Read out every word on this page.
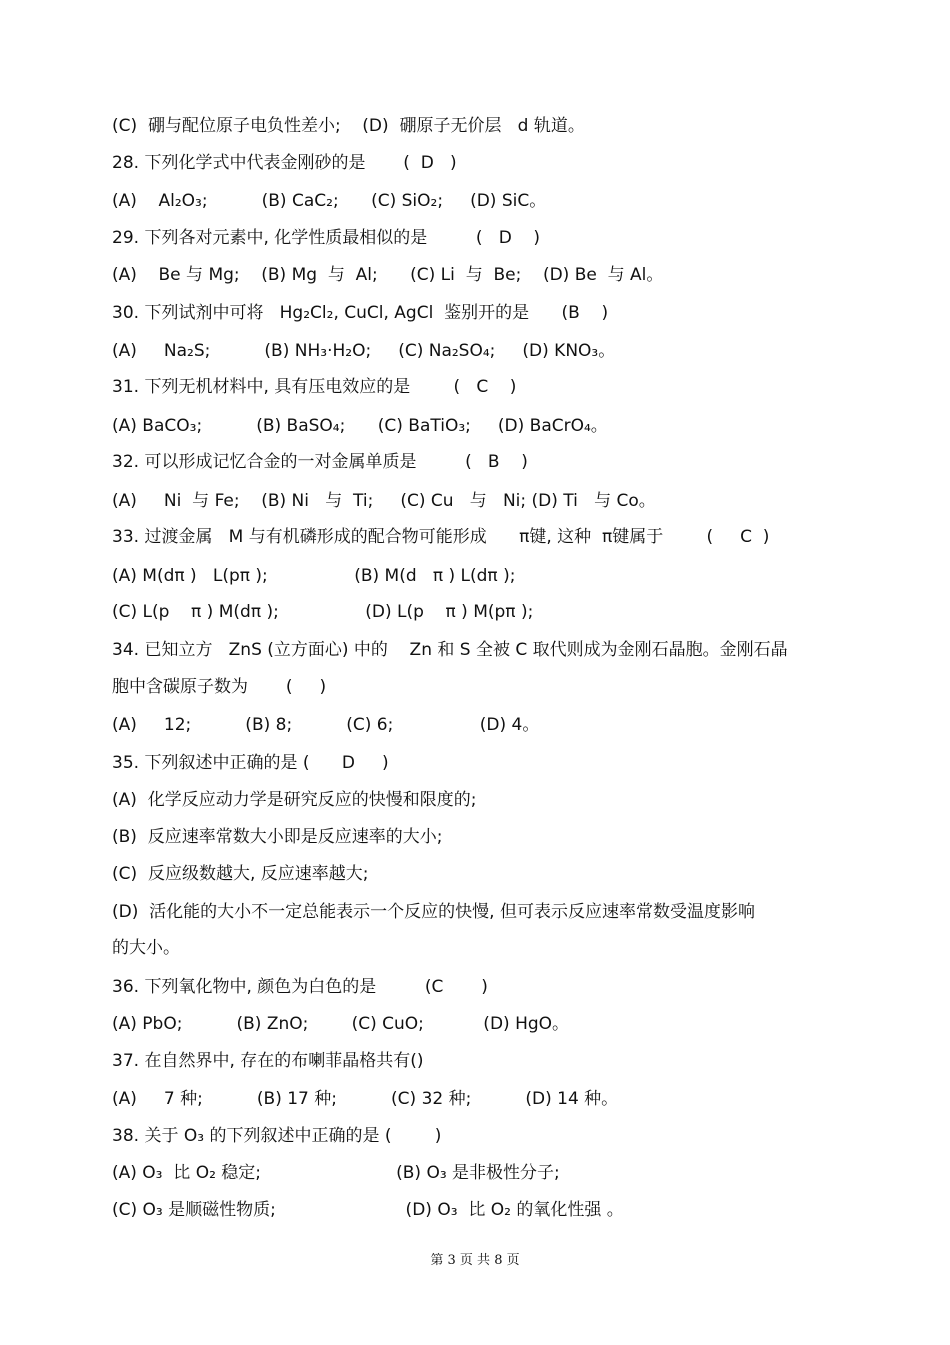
(C)  硼与配位原子电负性差小;    (D)  硼原子无价层   d 轨道。
28. 下列化学式中代表金刚砂的是       (  D   )
(A)    Al₂O₃;          (B) CaC₂;      (C) SiO₂;     (D) SiC。
29. 下列各对元素中, 化学性质最相似的是         (   D    )
(A)    Be 与 Mg;    (B) Mg  与  Al;      (C) Li  与  Be;    (D) Be  与 Al。
30. 下列试剂中可将   Hg₂Cl₂, CuCl, AgCl  鉴别开的是      (B    )
(A)     Na₂S;          (B) NH₃·H₂O;     (C) Na₂SO₄;     (D) KNO₃。
31. 下列无机材料中, 具有压电效应的是        (   C    )
(A) BaCO₃;          (B) BaSO₄;      (C) BaTiO₃;     (D) BaCrO₄。
32. 可以形成记忆合金的一对金属单质是         (   B    )
(A)     Ni  与 Fe;    (B) Ni   与  Ti;     (C) Cu   与   Ni; (D) Ti   与 Co。
33. 过渡金属   M 与有机磷形成的配合物可能形成      π键, 这种  π键属于        (     C  )
(A) M(dπ )   L(pπ );                (B) M(d   π ) L(dπ );
(C) L(p    π ) M(dπ );                (D) L(p    π ) M(pπ );
34. 已知立方   ZnS (立方面心) 中的    Zn 和 S 全被 C 取代则成为金刚石晶胞。金刚石晶
胞中含碳原子数为       (     )
(A)     12;          (B) 8;          (C) 6;                (D) 4。
35. 下列叙述中正确的是 (      D     )
(A)  化学反应动力学是研究反应的快慢和限度的;
(B)  反应速率常数大小即是反应速率的大小;
(C)  反应级数越大, 反应速率越大;
(D)  活化能的大小不一定总能表示一个反应的快慢, 但可表示反应速率常数受温度影响
的大小。
36. 下列氧化物中, 颜色为白色的是         (C       )
(A) PbO;          (B) ZnO;        (C) CuO;           (D) HgO。
37. 在自然界中, 存在的布喇菲晶格共有()
(A)     7 种;          (B) 17 种;          (C) 32 种;          (D) 14 种。
38. 关于 O₃ 的下列叙述中正确的是 (        )
(A) O₃  比 O₂ 稳定;                         (B) O₃ 是非极性分子;
(C) O₃ 是顺磁性物质;                        (D) O₃  比 O₂ 的氧化性强 。
第 3 页 共 8 页
